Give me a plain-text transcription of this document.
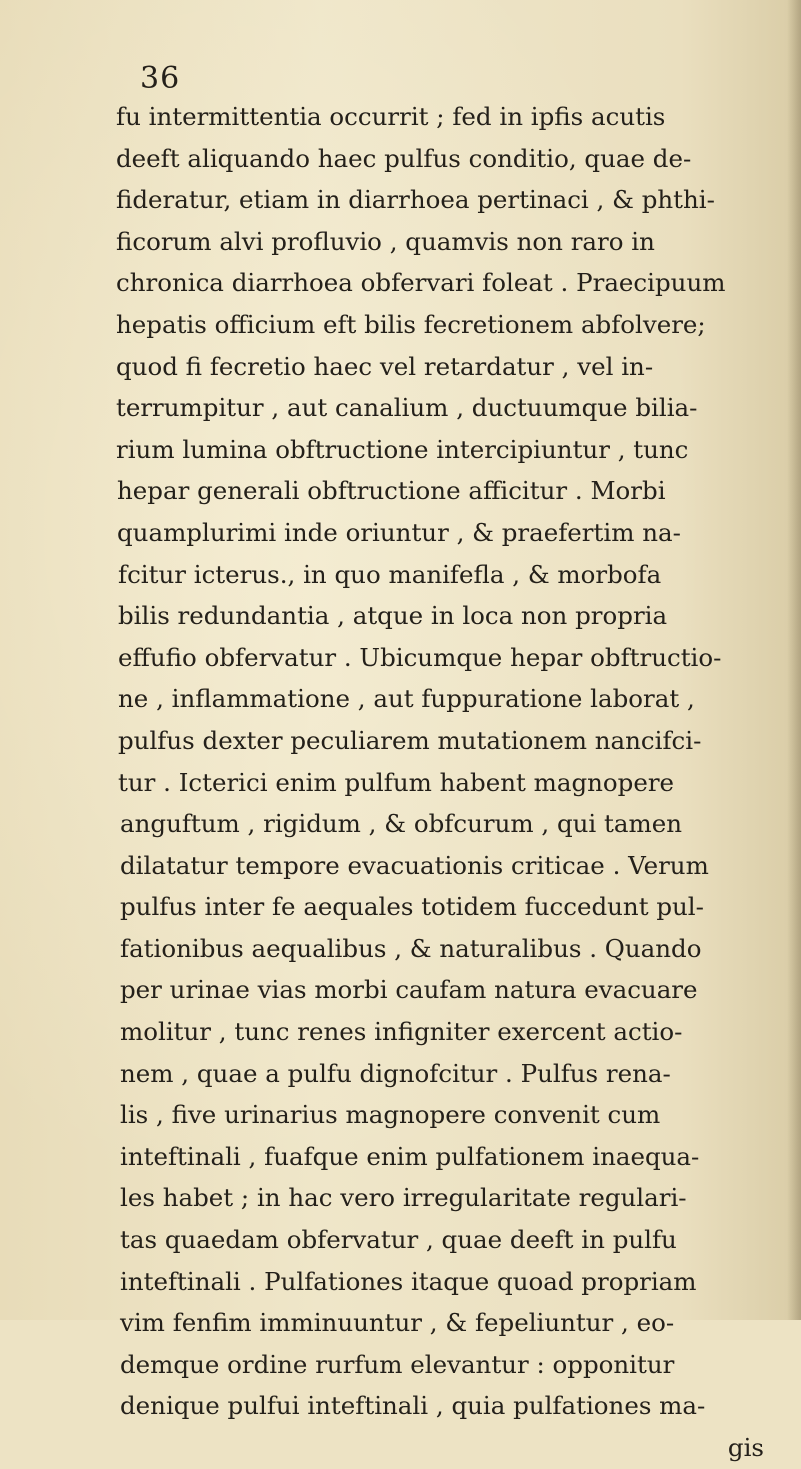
36
fu intermittentia occurrit ; fed in ipfis acutis
deeft aliquando haec pulfus conditio, quae de-
fideratur, etiam in diarrhoea pertinaci , & phthi-
ficorum alvi profluvio , quamvis non raro in
chronica diarrhoea obfervari foleat . Praecipuum
hepatis officium eft bilis fecretionem abfolvere;
quod fi fecretio haec vel retardatur , vel in-
terrumpitur , aut canalium , ductuumque bilia-
rium lumina obftructione intercipiuntur , tunc
hepar generali obftructione afficitur . Morbi
quamplurimi inde oriuntur , & praefertim na-
fcitur icterus., in quo manifefla , & morbofa
bilis redundantia , atque in loca non propria
effufio obfervatur . Ubicumque hepar obftructio-
ne , inflammatione , aut fuppuratione laborat ,
pulfus dexter peculiarem mutationem nancifci-
tur . Icterici enim pulfum habent magnopere
anguftum , rigidum , & obfcurum , qui tamen
dilatatur tempore evacuationis criticae . Verum
pulfus inter fe aequales totidem fuccedunt pul-
fationibus aequalibus , & naturalibus . Quando
per urinae vias morbi caufam natura evacuare
molitur , tunc renes infigniter exercent actio-
nem , quae a pulfu dignofcitur . Pulfus rena-
lis , five urinarius magnopere convenit cum
inteftinali , fuafque enim pulfationem inaequa-
les habet ; in hac vero irregularitate regulari-
tas quaedam obfervatur , quae deeft in pulfu
inteftinali . Pulfationes itaque quoad propriam
vim fenfim imminuuntur , & fepeliuntur , eo-
demque ordine rurfum elevantur : opponitur
denique pulfui inteftinali , quia pulfationes ma-
gis
